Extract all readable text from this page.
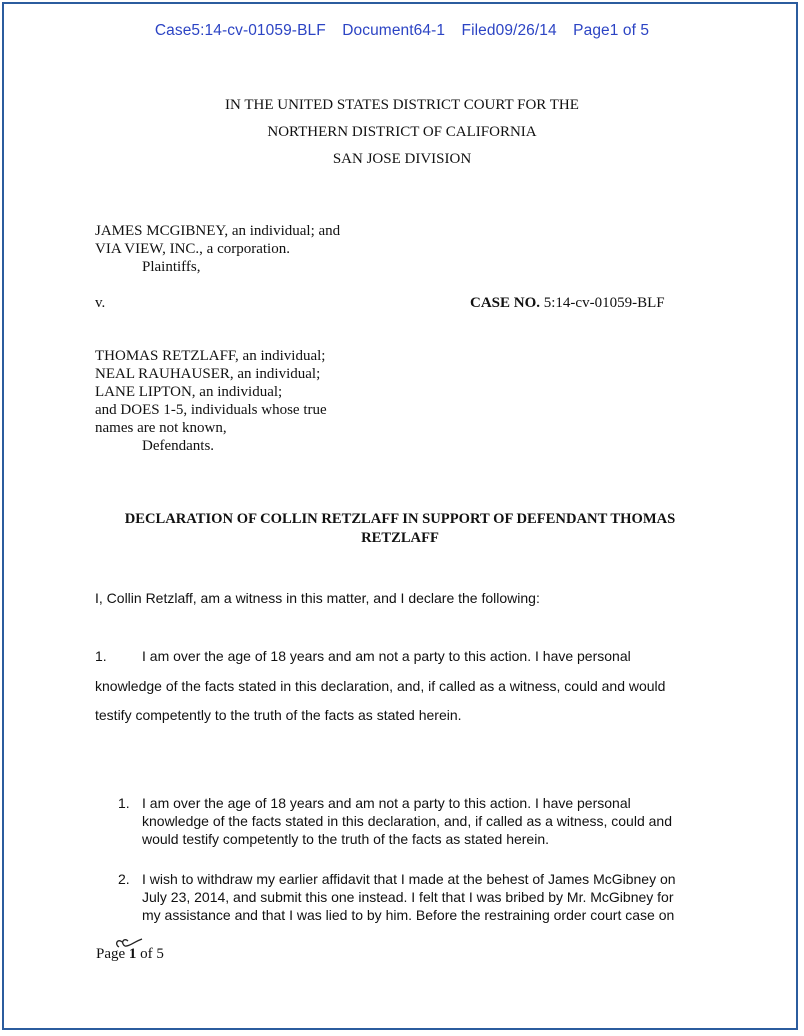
Case5:14-cv-01059-BLF Document64-1 Filed09/26/14 Page1 of 5
IN THE UNITED STATES DISTRICT COURT FOR THE
NORTHERN DISTRICT OF CALIFORNIA
SAN JOSE DIVISION
JAMES MCGIBNEY, an individual; and
VIA VIEW, INC., a corporation.
Plaintiffs,
v.	CASE NO. 5:14-cv-01059-BLF
THOMAS RETZLAFF, an individual;
NEAL RAUHAUSER, an individual;
LANE LIPTON, an individual;
and DOES 1-5, individuals whose true
names are not known,
Defendants.
DECLARATION OF COLLIN RETZLAFF IN SUPPORT OF DEFENDANT THOMAS
RETZLAFF
I, Collin Retzlaff, am a witness in this matter, and I declare the following:
1.	I am over the age of 18 years and am not a party to this action. I have personal
knowledge of the facts stated in this declaration, and, if called as a witness, could and would
testify competently to the truth of the facts as stated herein.
1. I am over the age of 18 years and am not a party to this action. I have personal
knowledge of the facts stated in this declaration, and, if called as a witness, could and
would testify competently to the truth of the facts as stated herein.
2. I wish to withdraw my earlier affidavit that I made at the behest of James McGibney on
July 23, 2014, and submit this one instead. I felt that I was bribed by Mr. McGibney for
my assistance and that I was lied to by him. Before the restraining order court case on
Page 1 of 5
